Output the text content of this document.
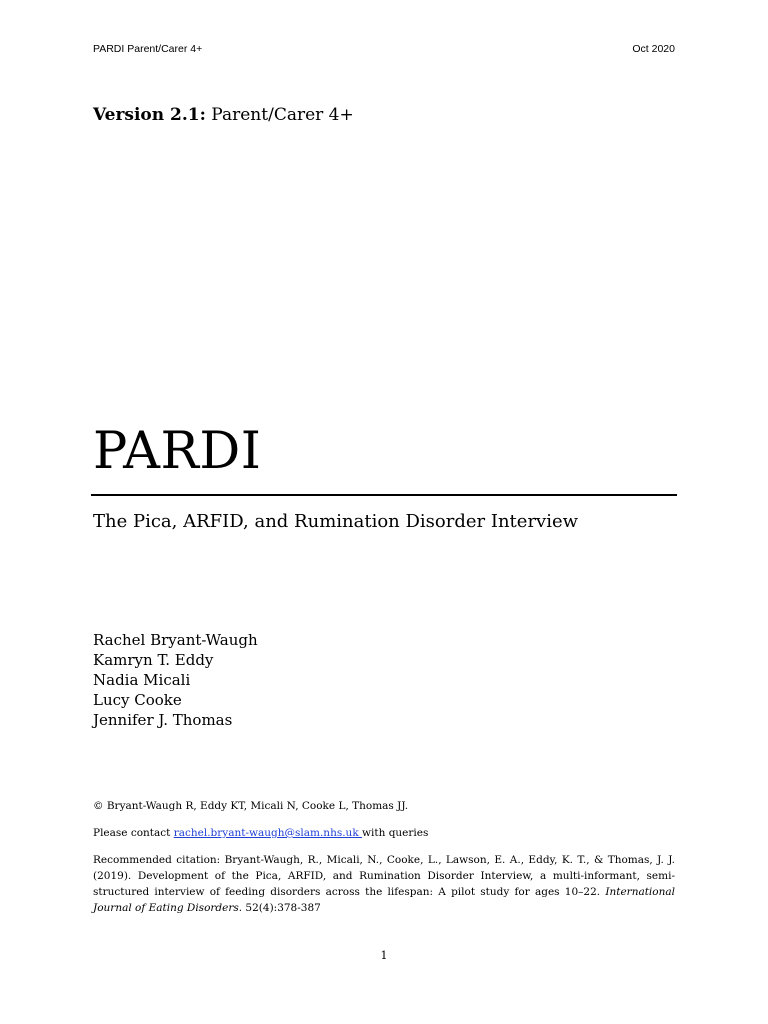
PARDI Parent/Carer 4+	Oct 2020
Version 2.1: Parent/Carer 4+
PARDI
The Pica, ARFID, and Rumination Disorder Interview
Rachel Bryant-Waugh
Kamryn T. Eddy
Nadia Micali
Lucy Cooke
Jennifer J. Thomas
© Bryant-Waugh R, Eddy KT, Micali N, Cooke L, Thomas JJ.
Please contact rachel.bryant-waugh@slam.nhs.uk with queries
Recommended citation: Bryant-Waugh, R., Micali, N., Cooke, L., Lawson, E. A., Eddy, K. T., & Thomas, J. J. (2019). Development of the Pica, ARFID, and Rumination Disorder Interview, a multi-informant, semi-structured interview of feeding disorders across the lifespan: A pilot study for ages 10–22. International Journal of Eating Disorders. 52(4):378-387
1
